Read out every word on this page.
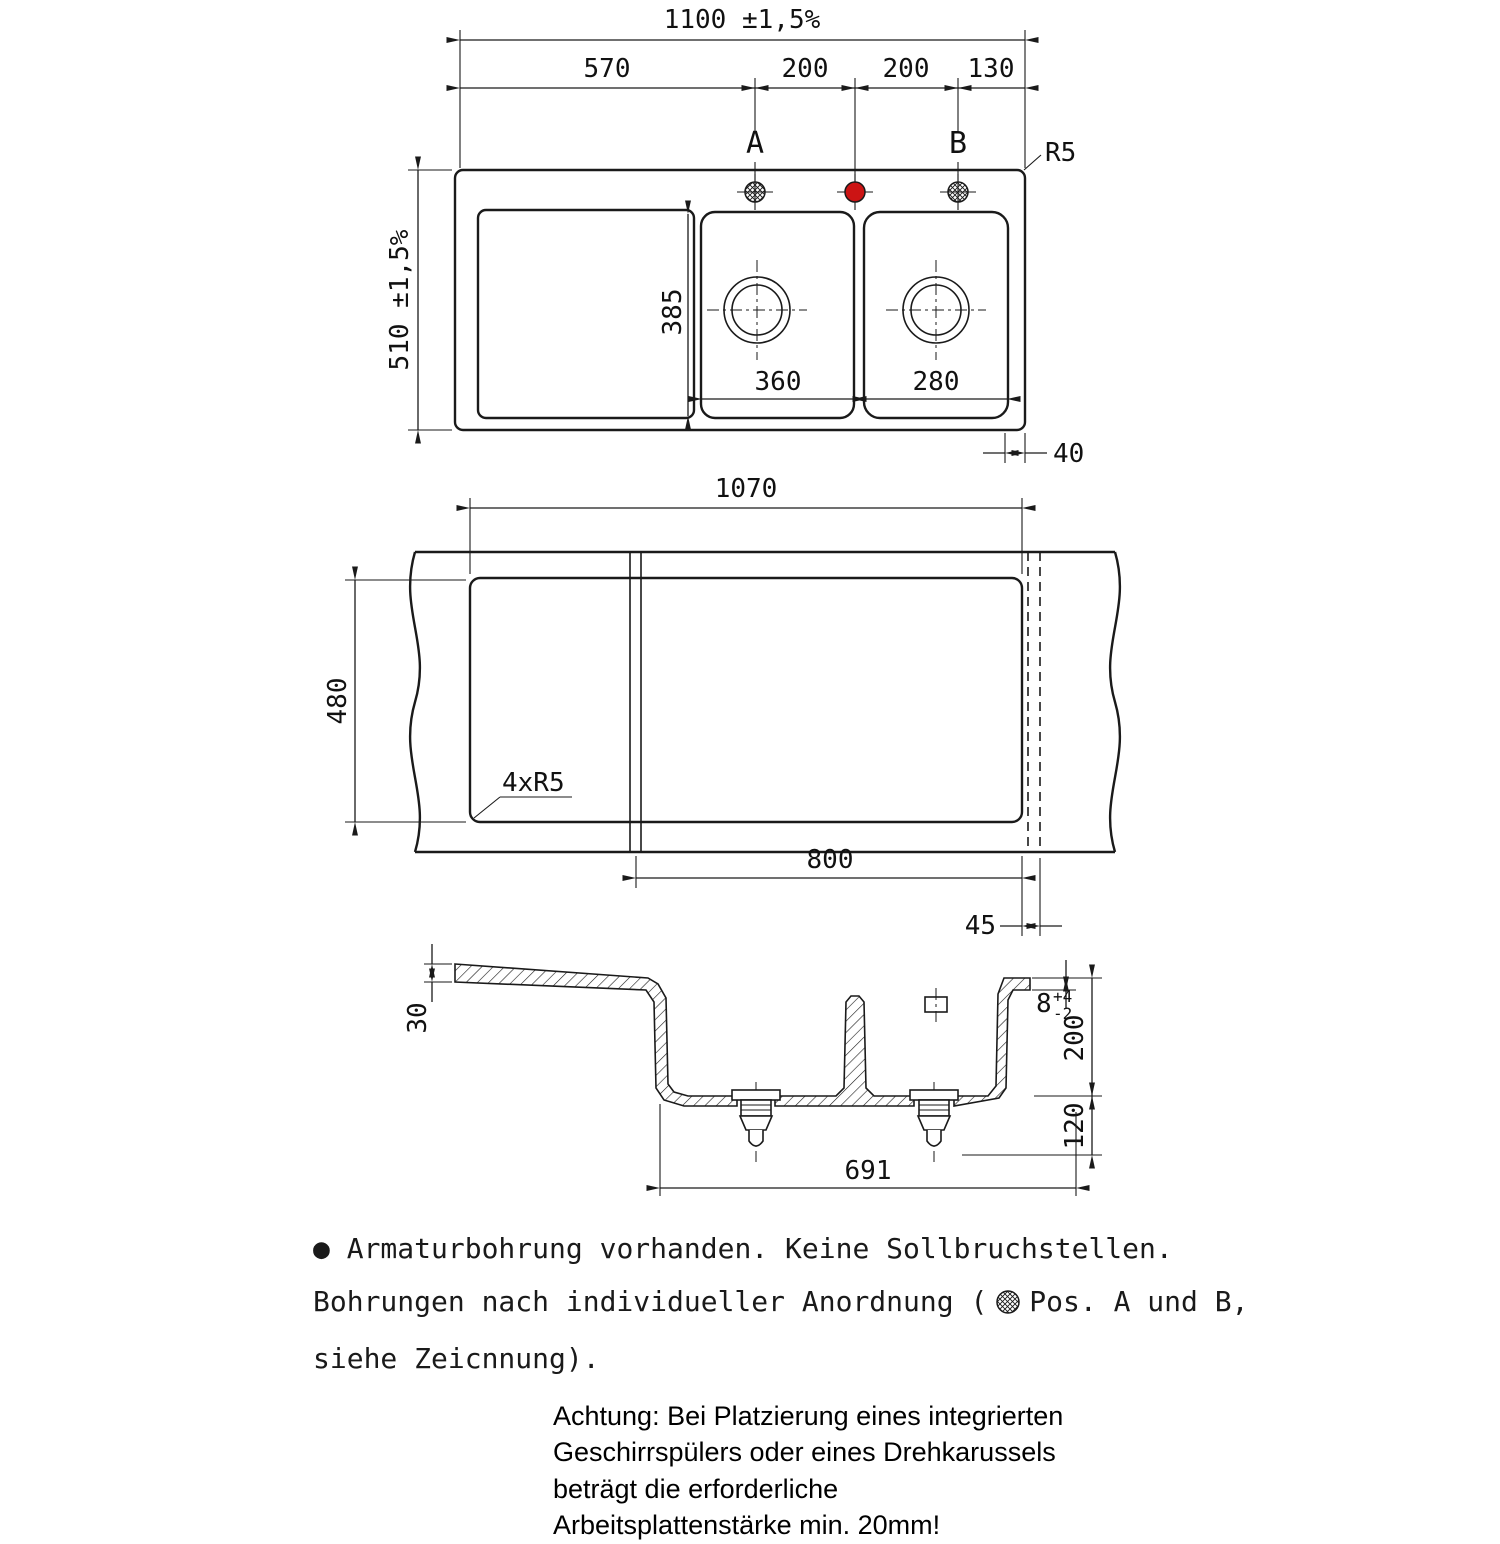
1100 ±1,5%
570	200 200 130
A	B	R5
510 ±1,5%	385
360	280
40
1070
480
4xR5
800
45
30	8 +4
-2
200
120
691
● Armaturbohrung vorhanden. Keine Sollbruchstellen.
Bohrungen nach individueller Anordnung ( Pos. A und B,
siehe Zeicnnung).
Achtung: Bei Platzierung eines integrierten
Geschirrspülers oder eines Drehkarussels
beträgt die erforderliche
Arbeitsplattenstärke min. 20mm!
